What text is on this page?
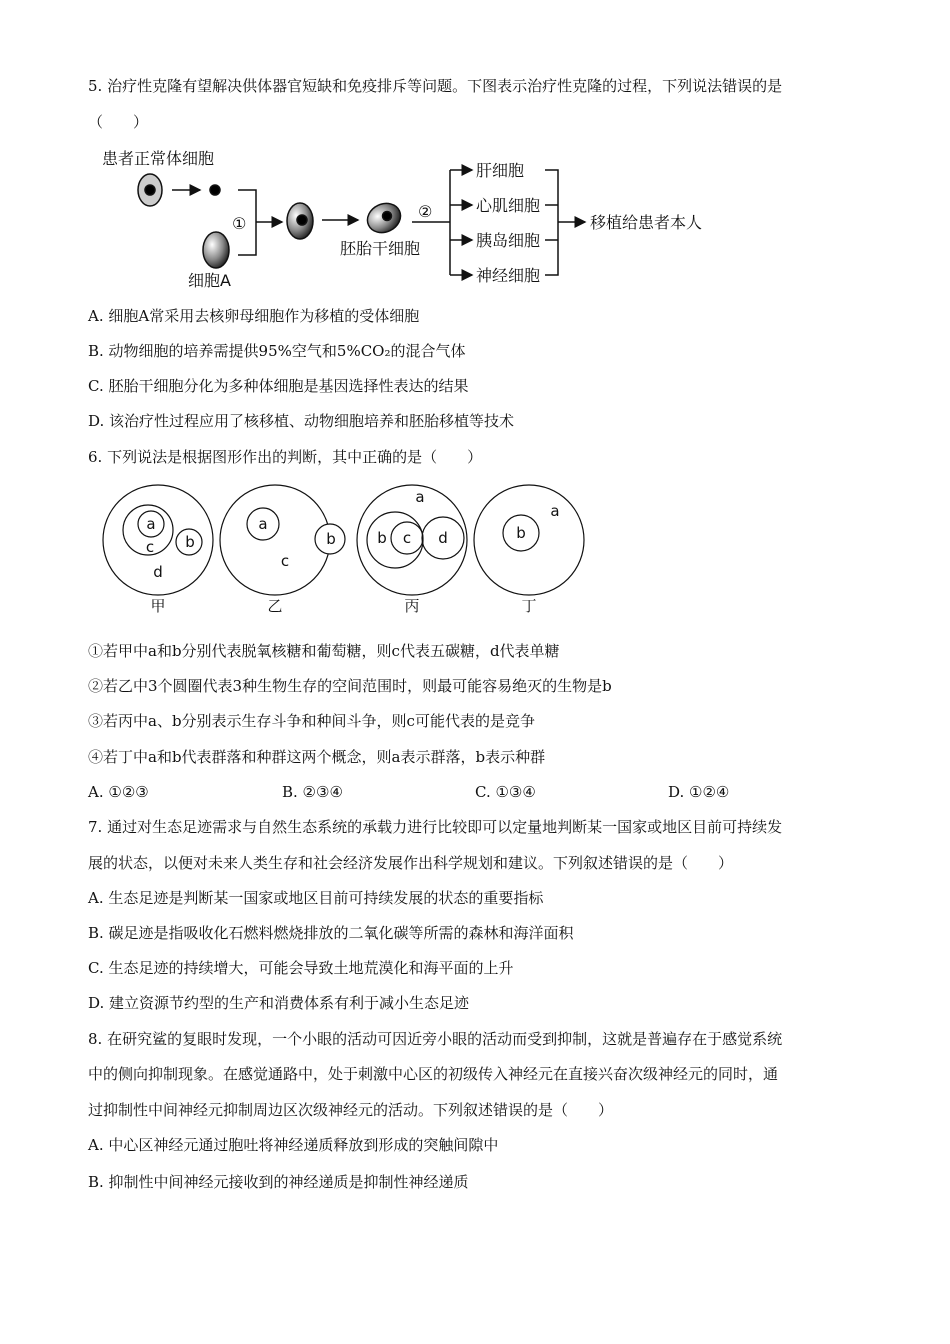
5. 治疗性克隆有望解决供体器官短缺和免疫排斥等问题。下图表示治疗性克隆的过程，下列说法错误的是
（　　）
患者正常体细胞
细胞A
①
胚胎干细胞
②
肝细胞
心肌细胞
胰岛细胞
神经细胞
移植给患者本人
a
b
c
d
甲
a
b
c
乙
a
b c d
丙
a
b
丁
A. 细胞A常采用去核卵母细胞作为移植的受体细胞
B. 动物细胞的培养需提供95%空气和5%CO₂的混合气体
C. 胚胎干细胞分化为多种体细胞是基因选择性表达的结果
D. 该治疗性过程应用了核移植、动物细胞培养和胚胎移植等技术
6. 下列说法是根据图形作出的判断，其中正确的是（　　）
①若甲中a和b分别代表脱氧核糖和葡萄糖，则c代表五碳糖，d代表单糖
②若乙中3个圆圈代表3种生物生存的空间范围时，则最可能容易绝灭的生物是b
③若丙中a、b分别表示生存斗争和种间斗争，则c可能代表的是竞争
④若丁中a和b代表群落和种群这两个概念，则a表示群落，b表示种群
A. ①②③	B. ②③④	C. ①③④	D. ①②④
7. 通过对生态足迹需求与自然生态系统的承载力进行比较即可以定量地判断某一国家或地区目前可持续发
展的状态，以便对未来人类生存和社会经济发展作出科学规划和建议。下列叙述错误的是（　　）
A. 生态足迹是判断某一国家或地区目前可持续发展的状态的重要指标
B. 碳足迹是指吸收化石燃料燃烧排放的二氧化碳等所需的森林和海洋面积
C. 生态足迹的持续增大，可能会导致土地荒漠化和海平面的上升
D. 建立资源节约型的生产和消费体系有利于减小生态足迹
8. 在研究鲨的复眼时发现，一个小眼的活动可因近旁小眼的活动而受到抑制，这就是普遍存在于感觉系统
中的侧向抑制现象。在感觉通路中，处于刺激中心区的初级传入神经元在直接兴奋次级神经元的同时，通
过抑制性中间神经元抑制周边区次级神经元的活动。下列叙述错误的是（　　）
A. 中心区神经元通过胞吐将神经递质释放到形成的突触间隙中
B. 抑制性中间神经元接收到的神经递质是抑制性神经递质
